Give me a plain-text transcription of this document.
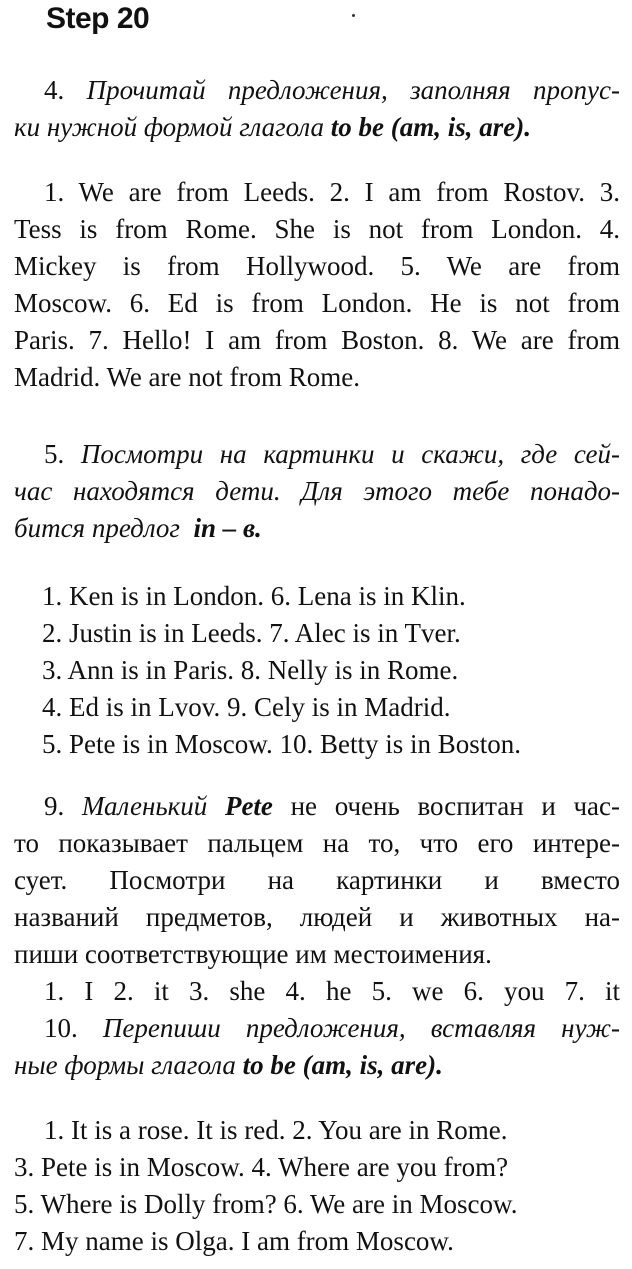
Step 20
4. Прочитай предложения, заполняя пропус-
ки нужной формой глагола to be (am, is, are).
1. We are from Leeds. 2. I am from Rostov. 3.
Tess is from Rome. She is not from London. 4.
Mickey is from Hollywood. 5. We are from
Moscow. 6. Ed is from London. He is not from
Paris. 7. Hello! I am from Boston. 8. We are from
Madrid. We are not from Rome.
5. Посмотри на картинки и скажи, где сей-
час находятся дети. Для этого тебе понадо-
бится предлог  in – в.
1. Ken is in London. 6. Lena is in Klin.
2. Justin is in Leeds. 7. Alec is in Tver.
3. Ann is in Paris. 8. Nelly is in Rome.
4. Ed is in Lvov. 9. Cely is in Madrid.
5. Pete is in Moscow. 10. Betty is in Boston.
9. Маленький Pete не очень воспитан и час-
то показывает пальцем на то, что его интере-
сует. Посмотри на картинки и вместо
названий предметов, людей и животных на-
пиши соответствующие им местоимения.
1. I 2. it 3. she 4. he 5. we 6. you 7. it
10. Перепиши предложения, вставляя нуж-
ные формы глагола to be (am, is, are).
1. It is a rose. It is red. 2. You are in Rome.
3. Pete is in Moscow. 4. Where are you from?
5. Where is Dolly from? 6. We are in Moscow.
7. My name is Olga. I am from Moscow.
